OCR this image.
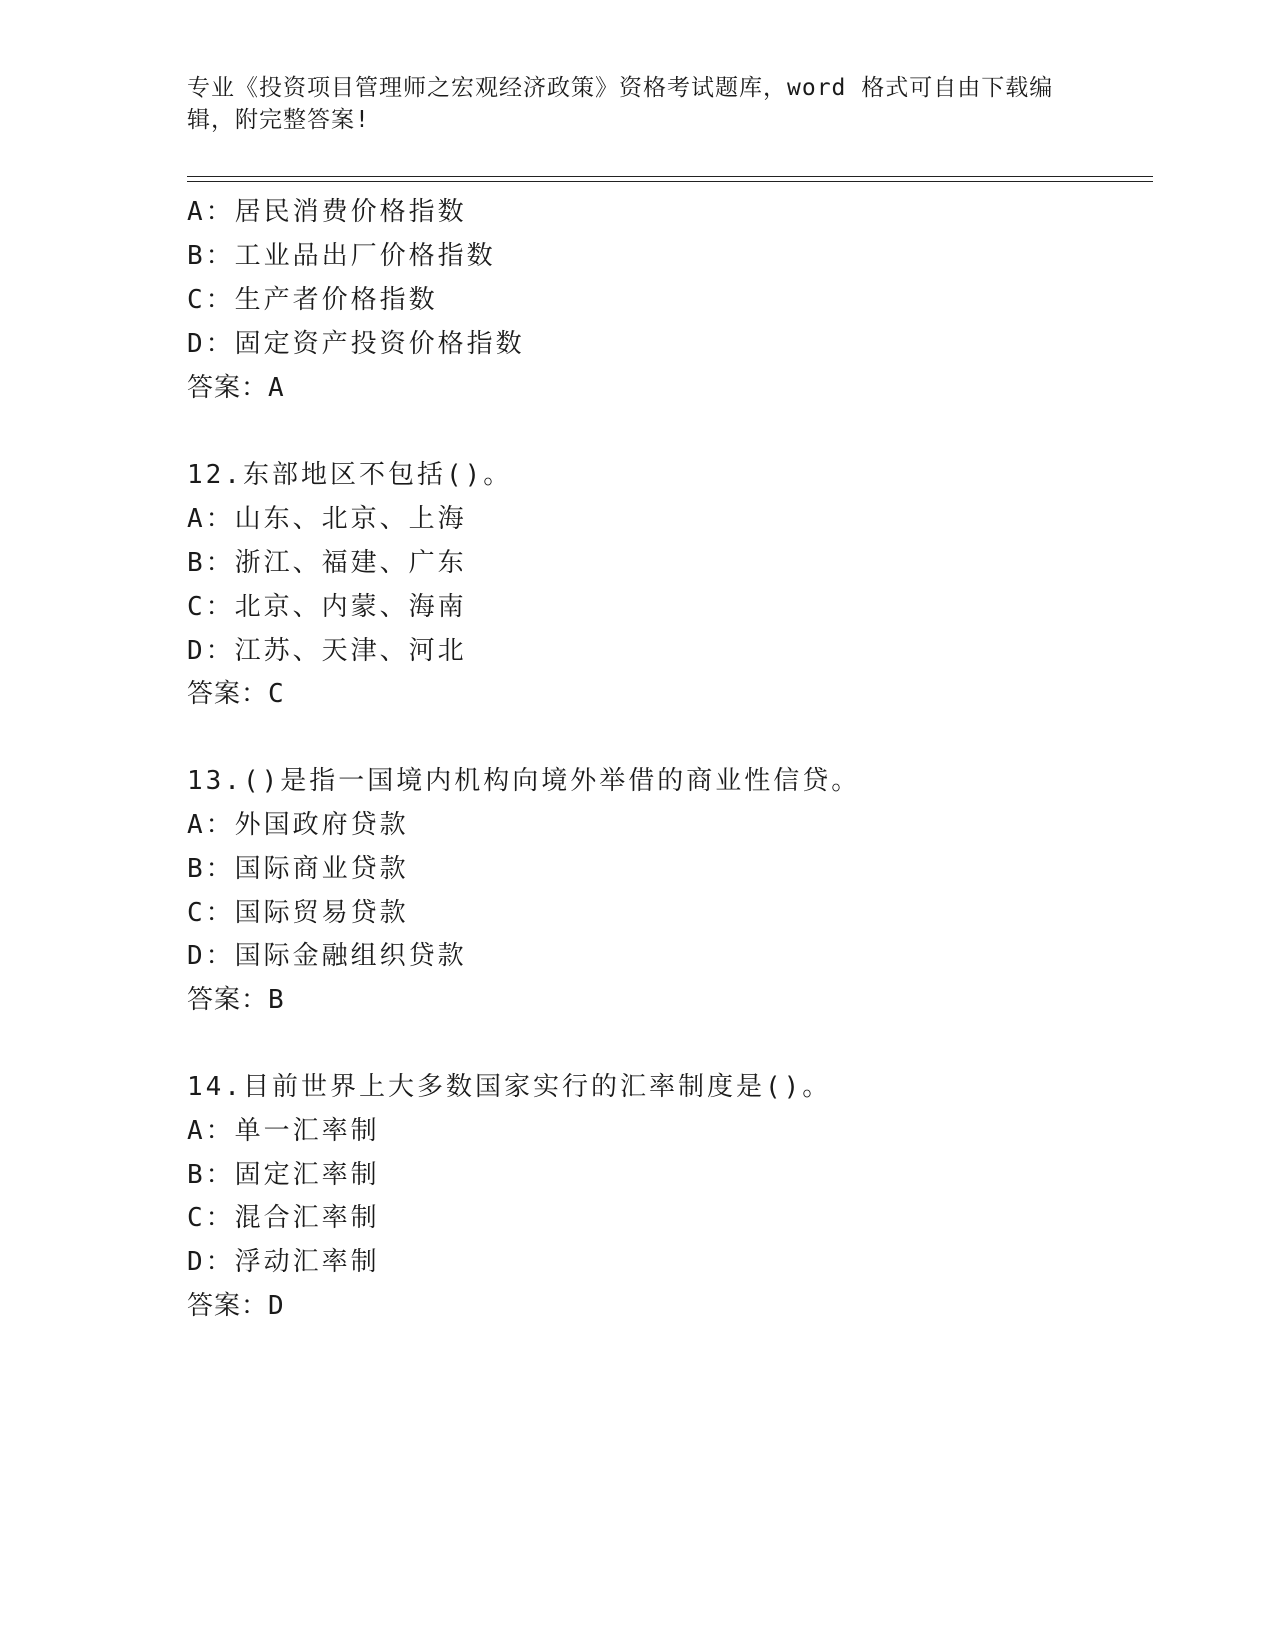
专业《投资项目管理师之宏观经济政策》资格考试题库，word 格式可自由下载编
辑，附完整答案!
A：居民消费价格指数
B：工业品出厂价格指数
C：生产者价格指数
D：固定资产投资价格指数
答案：A
12.东部地区不包括()。
A：山东、北京、上海
B：浙江、福建、广东
C：北京、内蒙、海南
D：江苏、天津、河北
答案：C
13.()是指一国境内机构向境外举借的商业性信贷。
A：外国政府贷款
B：国际商业贷款
C：国际贸易贷款
D：国际金融组织贷款
答案：B
14.目前世界上大多数国家实行的汇率制度是()。
A：单一汇率制
B：固定汇率制
C：混合汇率制
D：浮动汇率制
答案：D
